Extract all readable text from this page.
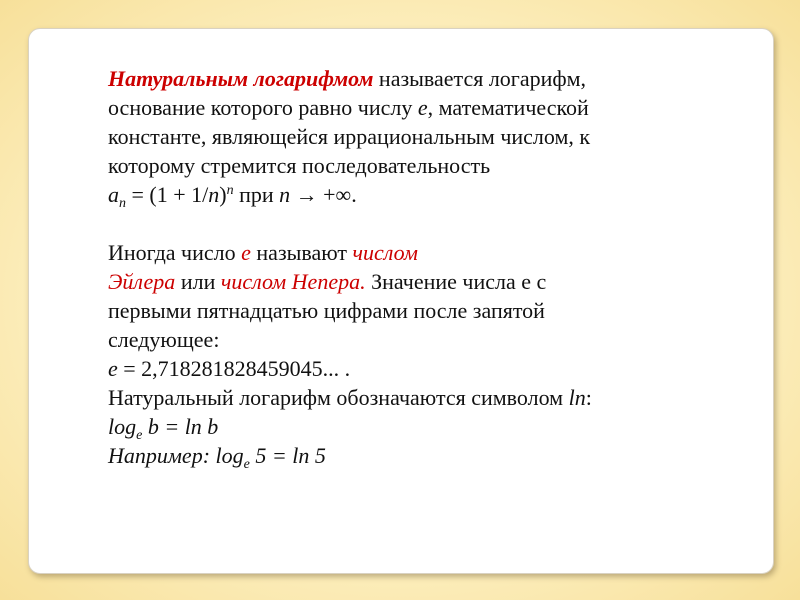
Натуральным логарифмом называется логарифм,
основание которого равно числу e, математической
константе, являющейся иррациональным числом, к
которому стремится последовательность
$a_n = (1 + 1/n)^n$ при n → +∞.
Иногда число e называют числом
Эйлера или числом Непера. Значение числа е с
первыми пятнадцатью цифрами после запятой
следующее:
e = 2,718281828459045... .
Натуральный логарифм обозначаются символом ln:
$\log_e b = \ln b$
Например: $\log_e 5 = \ln 5$
